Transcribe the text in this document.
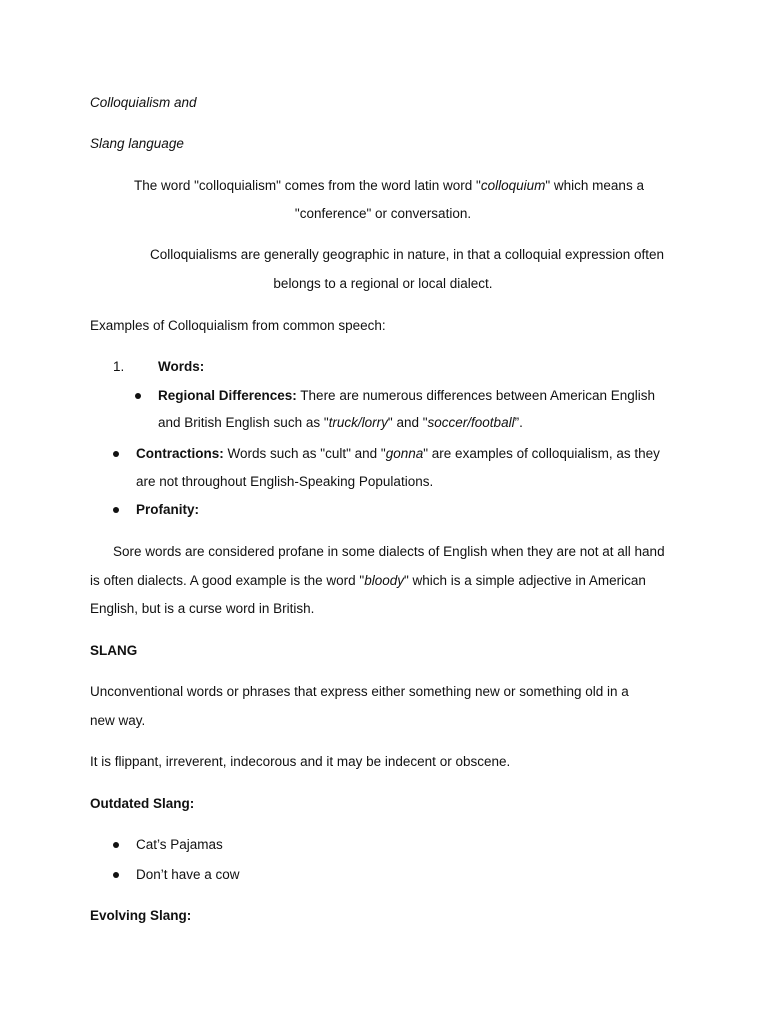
Colloquialism and
Slang language
The word "colloquialism" comes from the word latin word "colloquium" which means a
"conference" or conversation.
Colloquialisms are generally geographic in nature, in that a colloquial expression often
belongs to a regional or local dialect.
Examples of Colloquialism from common speech:
1. Words:
Regional Differences: There are numerous differences between American English
and British English such as "truck/lorry" and "soccer/football”.
Contractions: Words such as "cult" and "gonna" are examples of colloquialism, as they
are not throughout English-Speaking Populations.
Profanity:
Sore words are considered profane in some dialects of English when they are not at all hand
is often dialects. A good example is the word "bloody" which is a simple adjective in American
English, but is a curse word in British.
SLANG
Unconventional words or phrases that express either something new or something old in a
new way.
It is flippant, irreverent, indecorous and it may be indecent or obscene.
Outdated Slang:
Cat’s Pajamas
Don’t have a cow
Evolving Slang:
